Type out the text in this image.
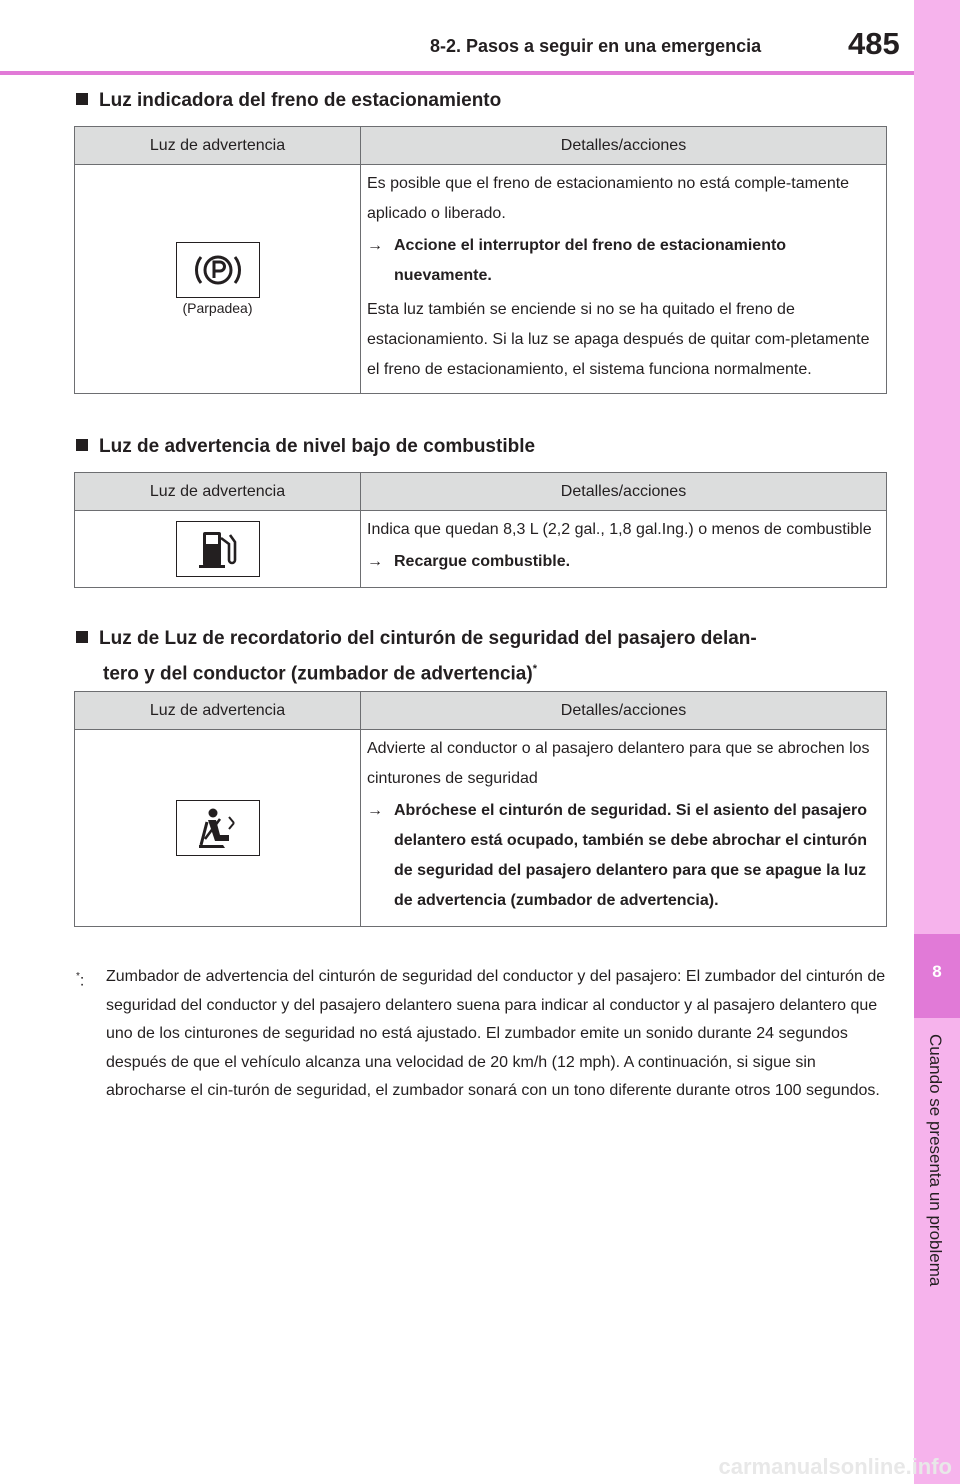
8-2. Pasos a seguir en una emergencia	485
8
Cuando se presenta un problema
Luz indicadora del freno de estacionamiento
Luz de advertencia	Detalles/acciones

(Parpadea)	Es posible que el freno de estacionamiento no está comple-tamente aplicado o liberado.

→ Accione el interruptor del freno de estacionamiento nuevamente.

Esta luz también se enciende si no se ha quitado el freno de estacionamiento. Si la luz se apaga después de quitar com-pletamente el freno de estacionamiento, el sistema funciona normalmente.

Luz de advertencia de nivel bajo de combustible
Luz de advertencia	Detalles/acciones

Indica que quedan 8,3 L (2,2 gal., 1,8 gal.Ing.) o menos de combustible

→ Recargue combustible.
Luz de Luz de recordatorio del cinturón de seguridad del pasajero delan-
tero y del conductor (zumbador de advertencia)*
Luz de advertencia	Detalles/acciones

Advierte al conductor o al pasajero delantero para que se abrochen los cinturones de seguridad

→ Abróchese el cinturón de seguridad. Si el asiento del pasajero delantero está ocupado, también se debe abrochar el cinturón de seguridad del pasajero delantero para que se apague la luz de advertencia (zumbador de advertencia).
*:	Zumbador de advertencia del cinturón de seguridad del conductor y del pasajero: El zumbador del cinturón de seguridad del conductor y del pasajero delantero suena para indicar al conductor y al pasajero delantero que uno de los cinturones de seguridad no está ajustado. El zumbador emite un sonido durante 24 segundos después de que el vehículo alcanza una velocidad de 20 km/h (12 mph). A continuación, si sigue sin abrocharse el cin-turón de seguridad, el zumbador sonará con un tono diferente durante otros 100 segundos.
carmanualsonline.info
